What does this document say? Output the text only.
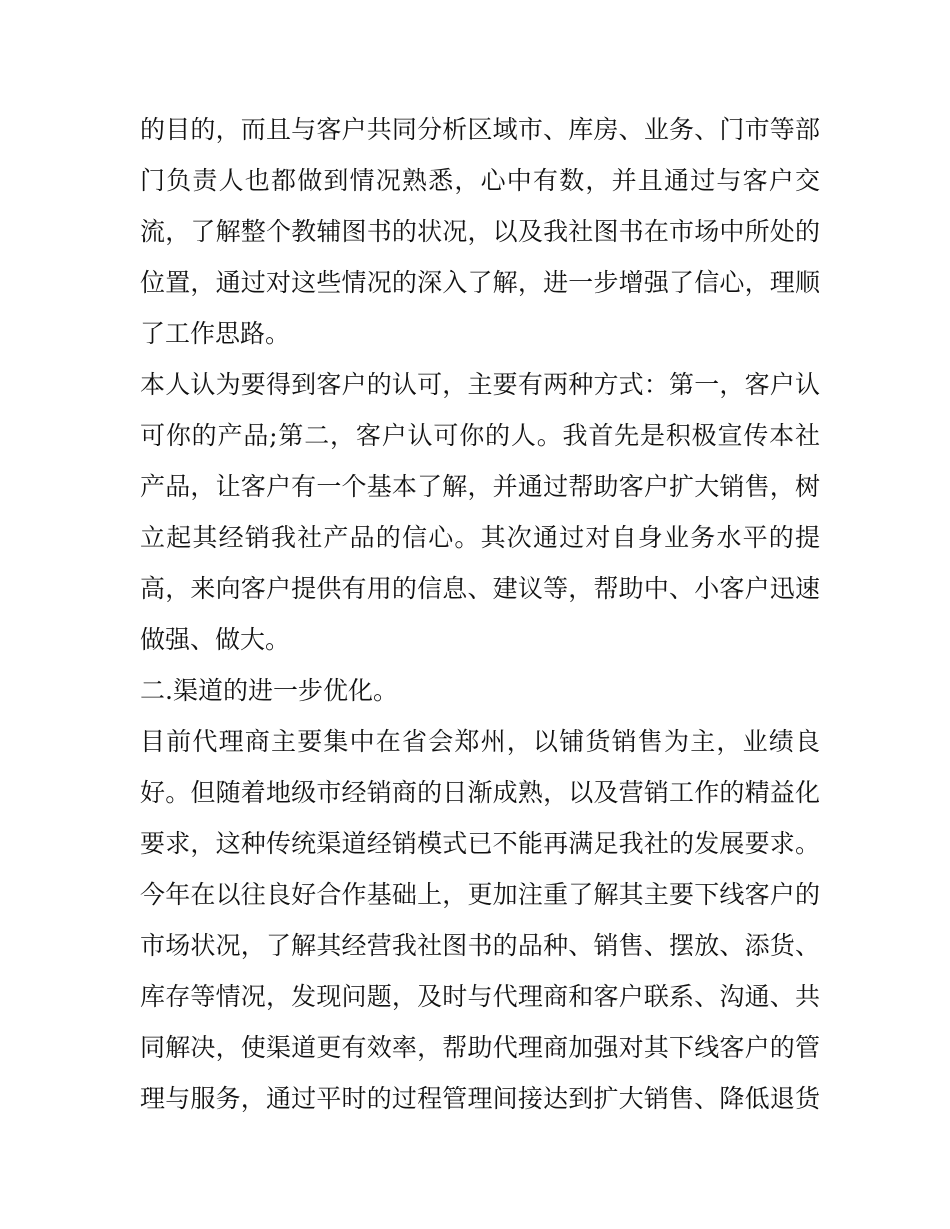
的目的，而且与客户共同分析区域市、库房、业务、门市等部
门负责人也都做到情况熟悉，心中有数，并且通过与客户交
流，了解整个教辅图书的状况，以及我社图书在市场中所处的
位置，通过对这些情况的深入了解，进一步增强了信心，理顺
了工作思路。
本人认为要得到客户的认可，主要有两种方式：第一，客户认
可你的产品;第二，客户认可你的人。我首先是积极宣传本社
产品，让客户有一个基本了解，并通过帮助客户扩大销售，树
立起其经销我社产品的信心。其次通过对自身业务水平的提
高，来向客户提供有用的信息、建议等，帮助中、小客户迅速
做强、做大。
二.渠道的进一步优化。
目前代理商主要集中在省会郑州，以铺货销售为主，业绩良
好。但随着地级市经销商的日渐成熟，以及营销工作的精益化
要求，这种传统渠道经销模式已不能再满足我社的发展要求。
今年在以往良好合作基础上，更加注重了解其主要下线客户的
市场状况，了解其经营我社图书的品种、销售、摆放、添货、
库存等情况，发现问题，及时与代理商和客户联系、沟通、共
同解决，使渠道更有效率，帮助代理商加强对其下线客户的管
理与服务，通过平时的过程管理间接达到扩大销售、降低退货
